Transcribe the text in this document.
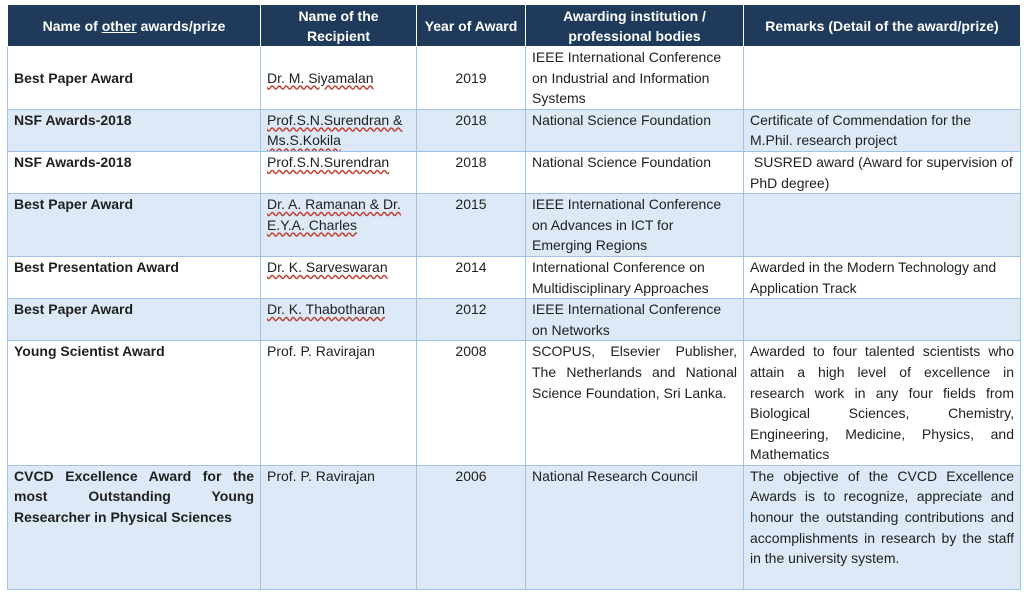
Name of other awards/prize	Name of the Recipient	Year of Award	Awarding institution / professional bodies	Remarks (Detail of the award/prize)
Best Paper Award	Dr. M. Siyamalan	2019	IEEE International Conference on Industrial and Information Systems	
NSF Awards-2018	Prof.S.N.Surendran & Ms.S.Kokila	2018	National Science Foundation	Certificate of Commendation for the M.Phil. research project
NSF Awards-2018	Prof.S.N.Surendran	2018	National Science Foundation	SUSRED award (Award for supervision of PhD degree)
Best Paper Award	Dr. A. Ramanan & Dr. E.Y.A. Charles	2015	IEEE International Conference on Advances in ICT for Emerging Regions	
Best Presentation Award	Dr. K. Sarveswaran	2014	International Conference on Multidisciplinary Approaches	Awarded in the Modern Technology and Application Track
Best Paper Award	Dr. K. Thabotharan	2012	IEEE International Conference on Networks	
Young Scientist Award	Prof. P. Ravirajan	2008	SCOPUS, Elsevier Publisher, The Netherlands and National Science Foundation, Sri Lanka.	Awarded to four talented scientists who attain a high level of excellence in research work in any four fields from Biological Sciences, Chemistry, Engineering, Medicine, Physics, and Mathematics
CVCD Excellence Award for the most Outstanding Young Researcher in Physical Sciences	Prof. P. Ravirajan	2006	National Research Council	The objective of the CVCD Excellence Awards is to recognize, appreciate and honour the outstanding contributions and accomplishments in research by the staff in the university system.
